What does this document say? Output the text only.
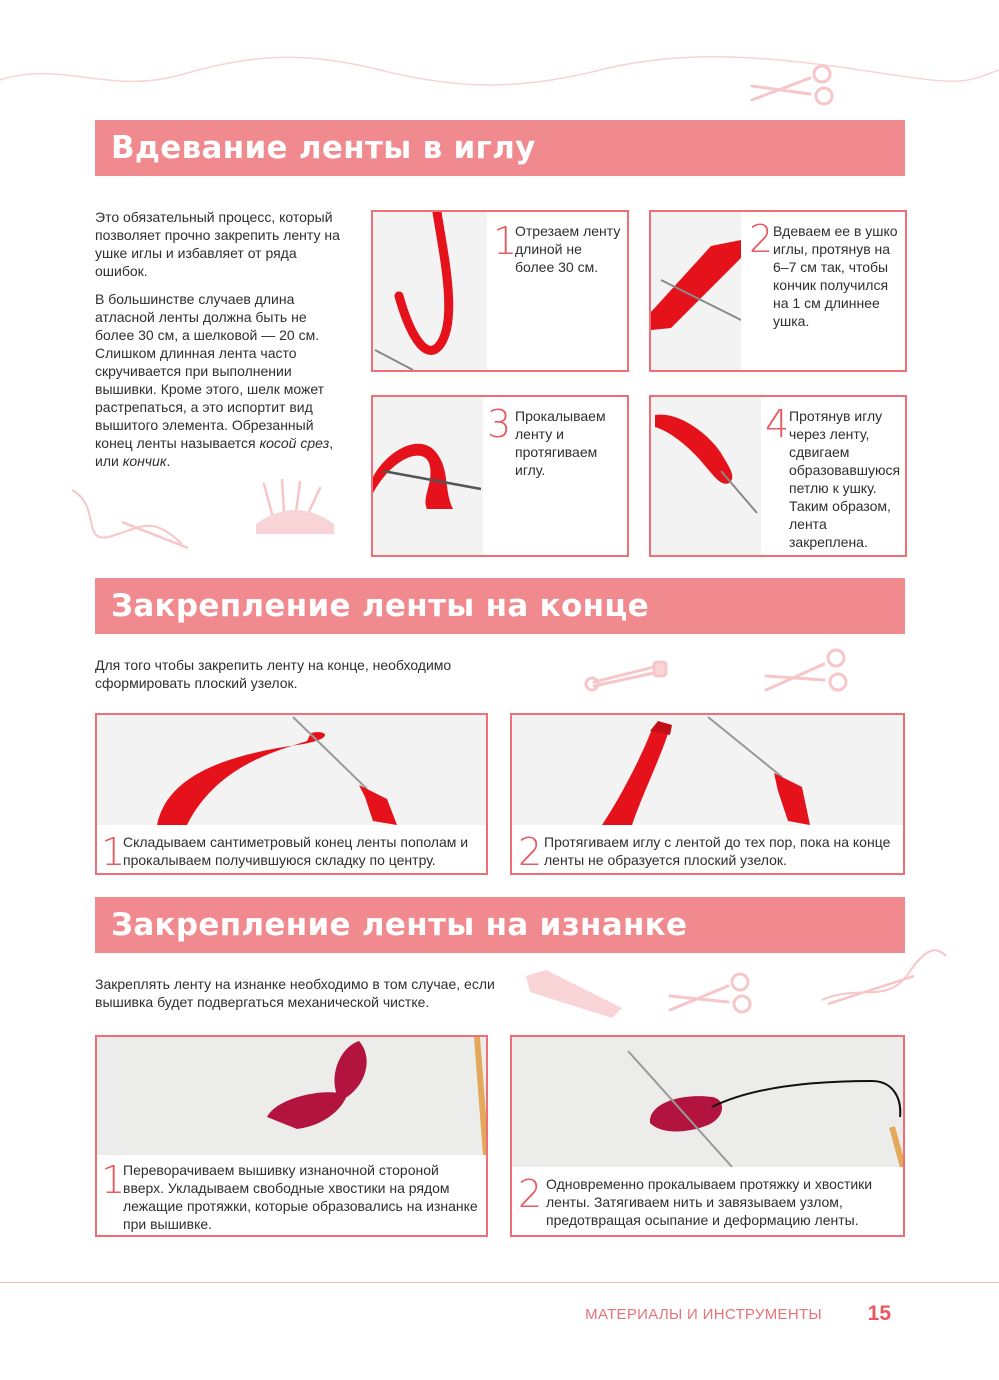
Вдевание ленты в иглу

Это обязательный процесс, который позволяет прочно закрепить ленту на ушке иглы и избавляет от ряда ошибок.

В большинстве случаев длина атласной ленты должна быть не более 30 см, а шелковой — 20 см. Слишком длинная лента часто скручивается при выполнении вышивки. Кроме этого, шелк может растрепаться, а это испортит вид вышитого элемента. Обрезанный конец ленты называется косой срез, или кончик.

1
Отрезаем ленту длиной не более 30 см.
2 Вдеваем ее в ушко иглы, протянув на 6–7 см так, чтобы кончик получился на 1 см длиннее ушка.
3 Прокалываем ленту и протягиваем иглу.
4 Протянув иглу через ленту, сдвигаем образовавшуюся петлю к ушку. Таким образом, лента закреплена.
Закрепление ленты на конце
Для того чтобы закрепить ленту на конце, необходимо сформировать плоский узелок.
1
Складываем сантиметровый конец ленты пополам и прокалываем получившуюся складку по центру.	2 Протягиваем иглу с лентой до тех пор, пока на конце ленты не образуется плоский узелок.
Закрепление ленты на изнанке
Закреплять ленту на изнанке необходимо в том случае, если вышивка будет подвергаться механической чистке.
1
Переворачиваем вышивку изнаночной стороной вверх. Укладываем свободные хвостики на рядом лежащие протяжки, которые образовались на изнанке при вышивке.
2 Одновременно прокалываем протяжку и хвостики ленты. Затягиваем нить и завязываем узлом, предотвращая осыпание и деформацию ленты.
МАТЕРИАЛЫ И ИНСТРУМЕНТЫ 15
